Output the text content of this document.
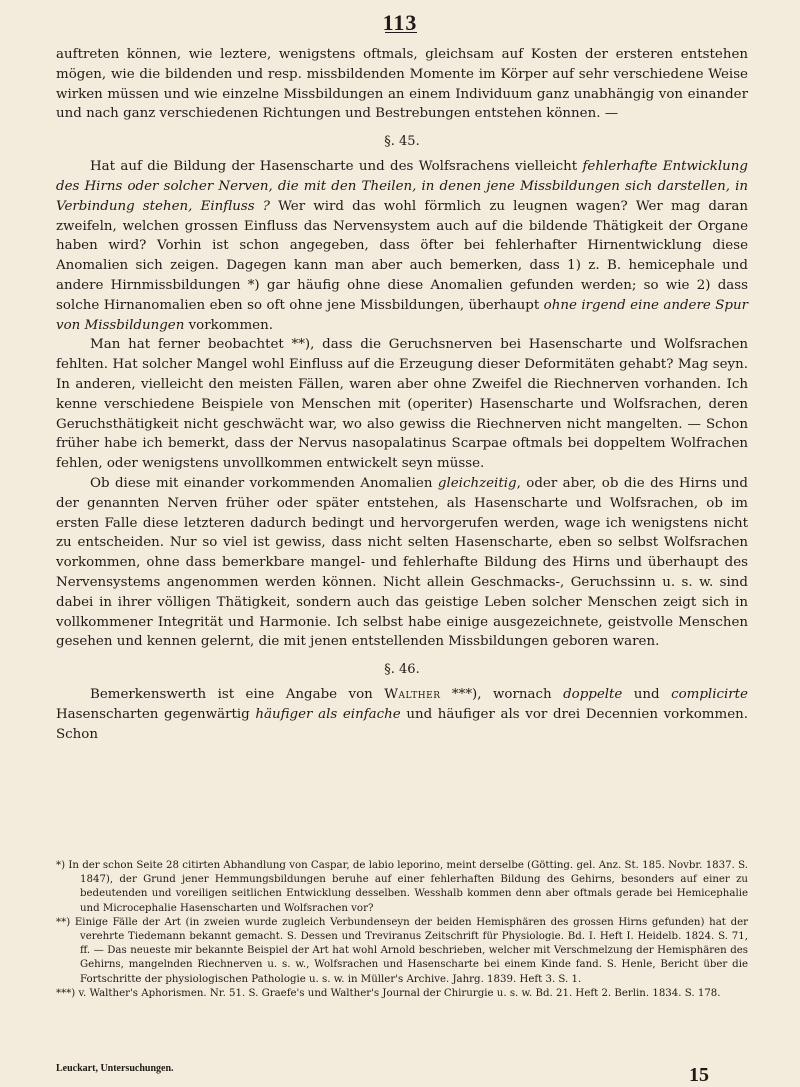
113

auftreten können, wie leztere, wenigstens oftmals, gleichsam auf Kosten der ersteren entstehen mögen, wie die bildenden und resp. missbildenden Momente im Körper auf sehr verschiedene Weise wirken müssen und wie einzelne Missbildungen an einem Individuum ganz unabhängig von einander und nach ganz verschiedenen Richtungen und Bestrebungen entstehen können. —

§. 45.

Hat auf die Bildung der Hasenscharte und des Wolfsrachens vielleicht fehlerhafte Entwicklung des Hirns oder solcher Nerven, die mit den Theilen, in denen jene Missbildungen sich darstellen, in Verbindung stehen, Einfluss ? Wer wird das wohl förmlich zu leugnen wagen? Wer mag daran zweifeln, welchen grossen Einfluss das Nervensystem auch auf die bildende Thätigkeit der Organe haben wird? Vorhin ist schon angegeben, dass öfter bei fehlerhafter Hirnentwicklung diese Anomalien sich zeigen. Dagegen kann man aber auch bemerken, dass 1) z. B. hemicephale und andere Hirnmissbildungen *) gar häufig ohne diese Anomalien gefunden werden; so wie 2) dass solche Hirnanomalien eben so oft ohne jene Missbildungen, überhaupt ohne irgend eine andere Spur von Missbildungen vorkommen.

Man hat ferner beobachtet **), dass die Geruchsnerven bei Hasenscharte und Wolfsrachen fehlten. Hat solcher Mangel wohl Einfluss auf die Erzeugung dieser Deformitäten gehabt? Mag seyn. In anderen, vielleicht den meisten Fällen, waren aber ohne Zweifel die Riechnerven vorhanden. Ich kenne verschiedene Beispiele von Menschen mit (operiter) Hasenscharte und Wolfsrachen, deren Geruchsthätigkeit nicht geschwächt war, wo also gewiss die Riechnerven nicht mangelten. — Schon früher habe ich bemerkt, dass der Nervus nasopalatinus Scarpae oftmals bei doppeltem Wolfrachen fehlen, oder wenigstens unvollkommen entwickelt seyn müsse.

Ob diese mit einander vorkommenden Anomalien gleichzeitig, oder aber, ob die des Hirns und der genannten Nerven früher oder später entstehen, als Hasenscharte und Wolfsrachen, ob im ersten Falle diese letzteren dadurch bedingt und hervorgerufen werden, wage ich wenigstens nicht zu entscheiden. Nur so viel ist gewiss, dass nicht selten Hasenscharte, eben so selbst Wolfsrachen vorkommen, ohne dass bemerkbare mangel- und fehlerhafte Bildung des Hirns und überhaupt des Nervensystems angenommen werden können. Nicht allein Geschmacks-, Geruchssinn u. s. w. sind dabei in ihrer völligen Thätigkeit, sondern auch das geistige Leben solcher Menschen zeigt sich in vollkommener Integrität und Harmonie. Ich selbst habe einige ausgezeichnete, geistvolle Menschen gesehen und kennen gelernt, die mit jenen entstellenden Missbildungen geboren waren.

§. 46.

Bemerkenswerth ist eine Angabe von Walther ***), wornach doppelte und complicirte Hasenscharten gegenwärtig häufiger als einfache und häufiger als vor drei Decennien vorkommen. Schon

*) In der schon Seite 28 citirten Abhandlung von Caspar, de labio leporino, meint derselbe (Götting. gel. Anz. St. 185. Novbr. 1837. S. 1847), der Grund jener Hemmungsbildungen beruhe auf einer fehlerhaften Bildung des Gehirns, besonders auf einer zu bedeutenden und voreiligen seitlichen Entwicklung desselben. Wesshalb kommen denn aber oftmals gerade bei Hemicephalie und Microcephalie Hasenscharten und Wolfsrachen vor?

**) Einige Fälle der Art (in zweien wurde zugleich Verbundenseyn der beiden Hemisphären des grossen Hirns gefunden) hat der verehrte Tiedemann bekannt gemacht. S. Dessen und Treviranus Zeitschrift für Physiologie. Bd. I. Heft I. Heidelb. 1824. S. 71, ff. — Das neueste mir bekannte Beispiel der Art hat wohl Arnold beschrieben, welcher mit Verschmelzung der Hemisphären des Gehirns, mangelnden Riechnerven u. s. w., Wolfsrachen und Hasenscharte bei einem Kinde fand. S. Henle, Bericht über die Fortschritte der physiologischen Pathologie u. s. w. in Müller's Archive. Jahrg. 1839. Heft 3. S. 1.

***) v. Walther's Aphorismen. Nr. 51. S. Graefe's und Walther's Journal der Chirurgie u. s. w. Bd. 21. Heft 2. Berlin. 1834. S. 178.

Leuckart, Untersuchungen.	15
